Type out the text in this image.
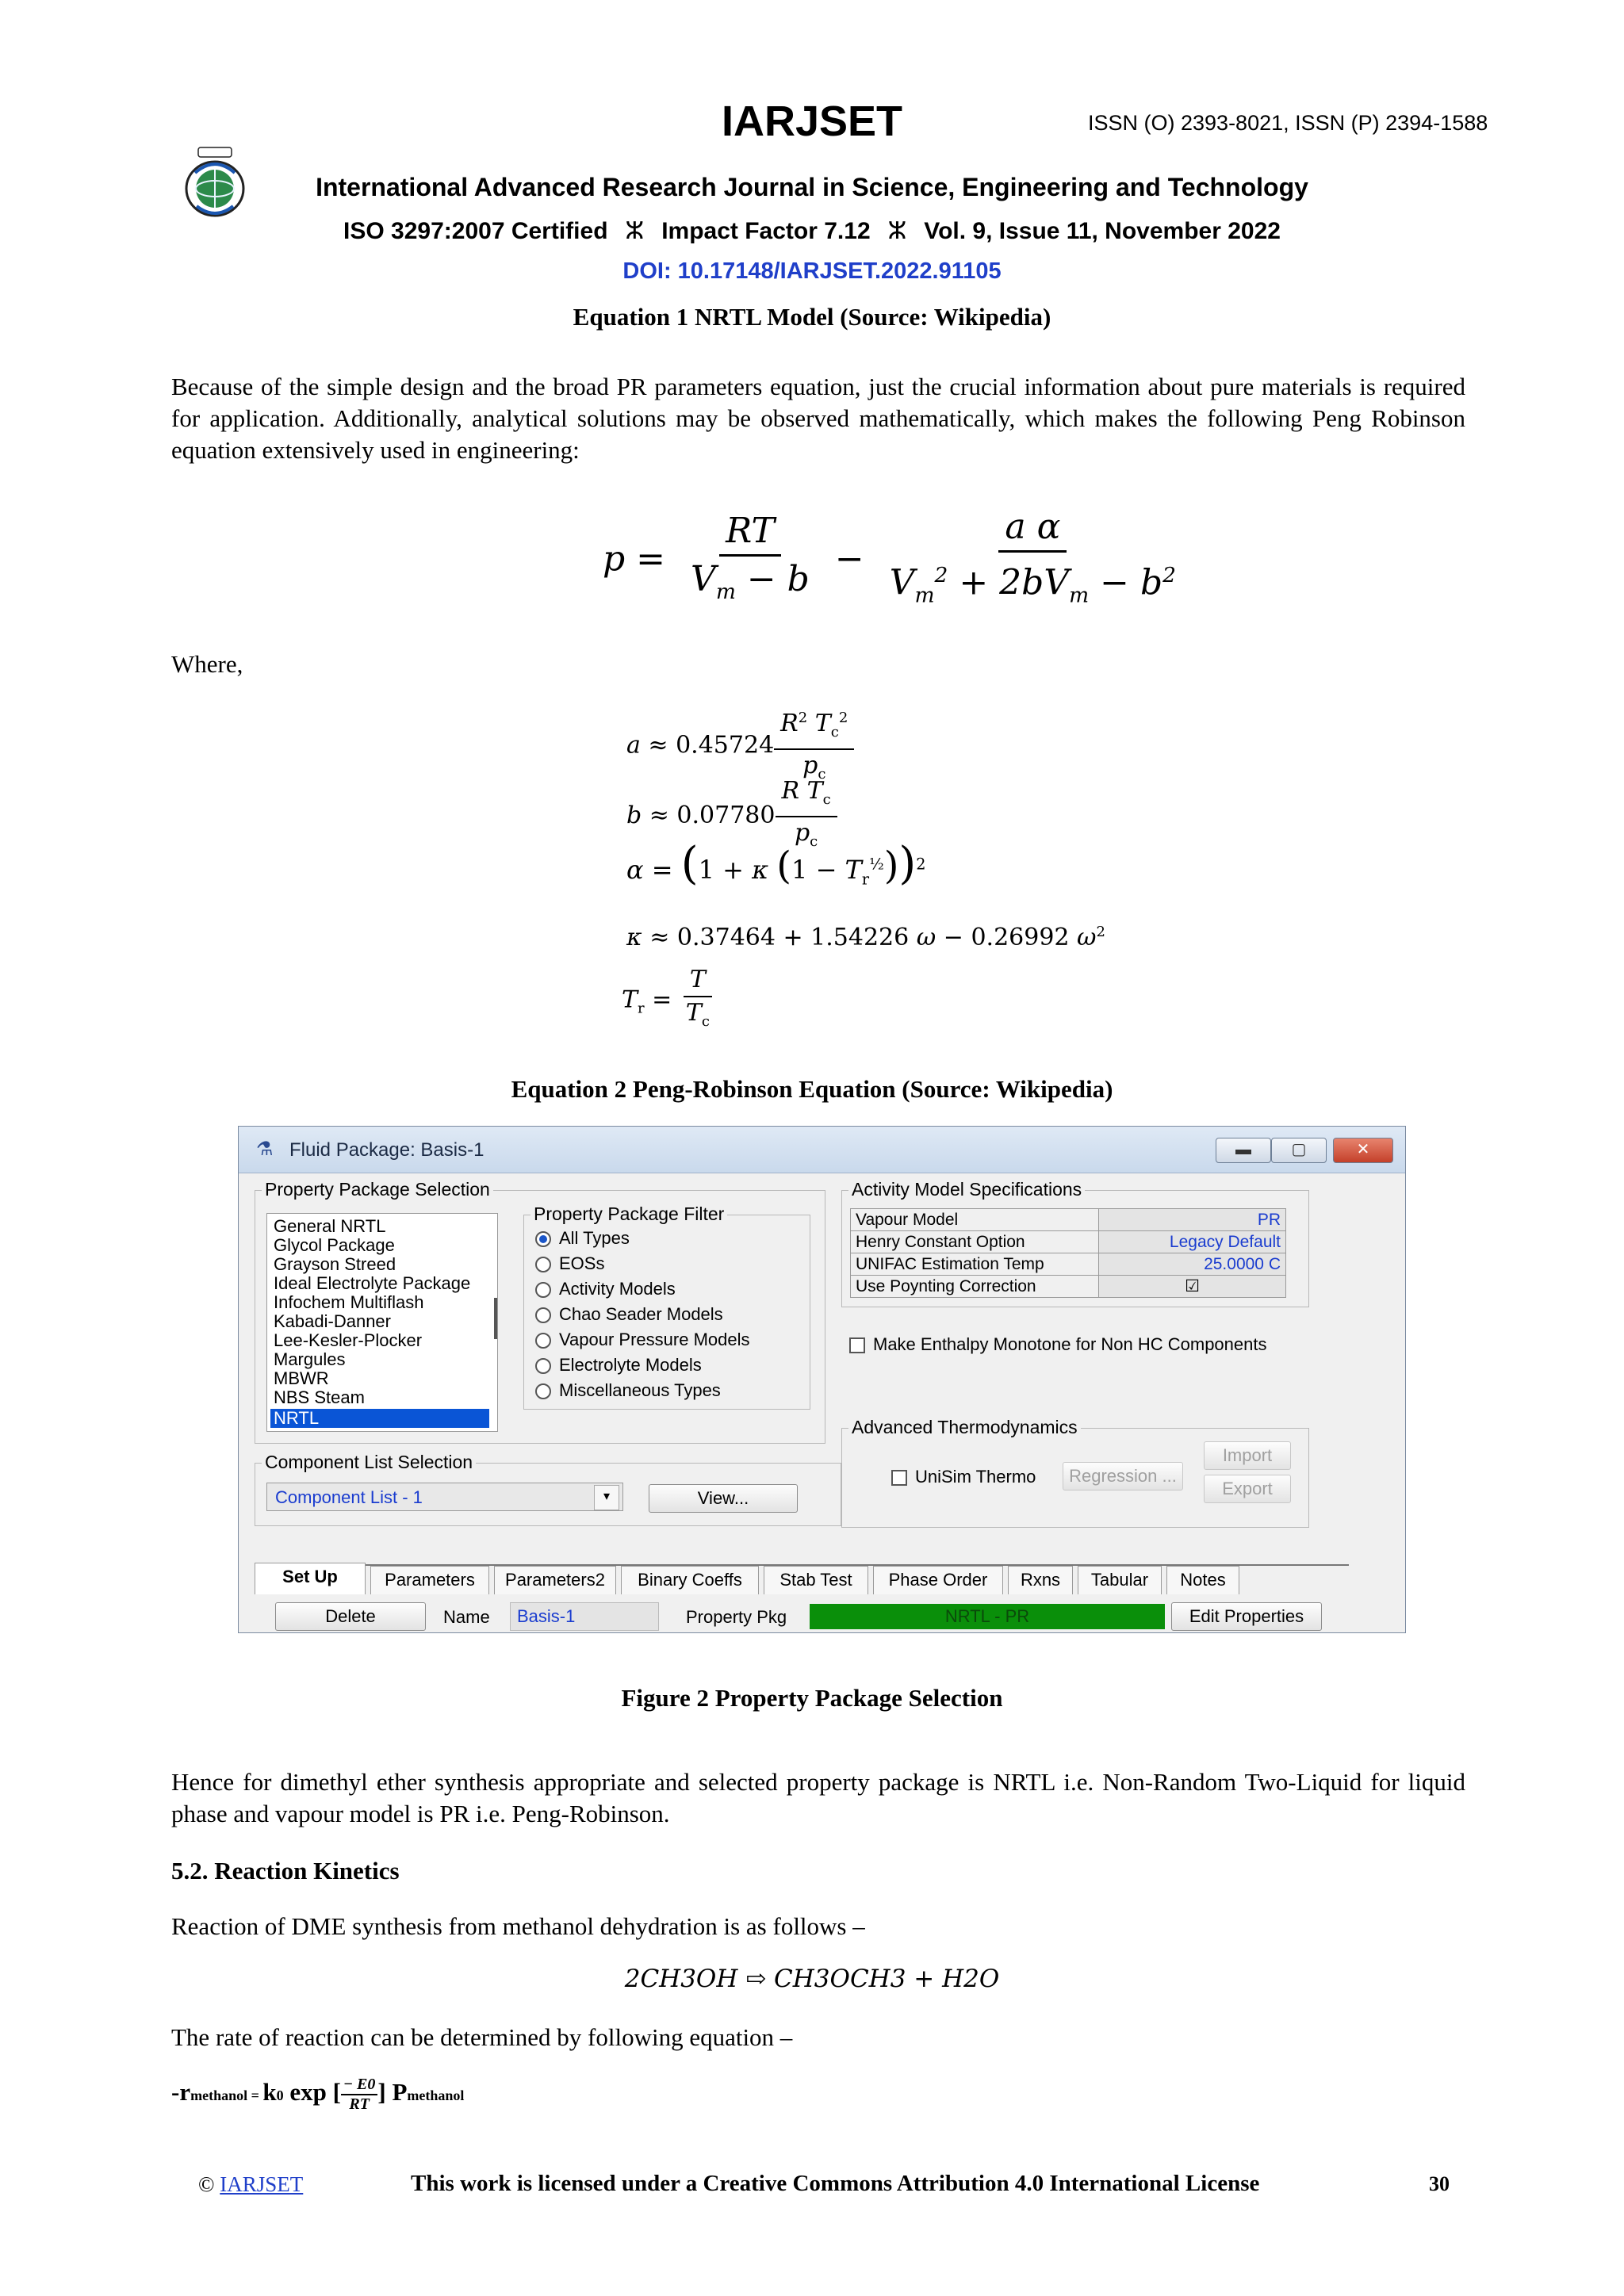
IARJSET	ISSN (O) 2393-8021, ISSN (P) 2394-1588
International Advanced Research Journal in Science, Engineering and Technology
ISO 3297:2007 Certified ⵣ Impact Factor 7.12 ⵣ Vol. 9, Issue 11, November 2022
DOI: 10.17148/IARJSET.2022.91105
Equation 1 NRTL Model (Source: Wikipedia)
Because of the simple design and the broad PR parameters equation, just the crucial information about pure materials is required for application. Additionally, analytical solutions may be observed mathematically, which makes the following Peng Robinson equation extensively used in engineering:
$p = \frac{RT}{V_m - b} - \frac{\text{a α}}{V_m^2 + 2bV_m - b^2}$
Where,
$a \approx 0.45724 \frac{R^2 T_c^2}{p_c}$
$b \approx 0.07780 \frac{R T_c}{p_c}$
α = (1 + κ $(1 - T_r^{\frac{1}{2}}))^2$
κ ≈ 0.37464 + 1.54226 ω − 0.26992 $\omega^2$
$T_r = \frac{T}{T_c}$
Equation 2 Peng-Robinson Equation (Source: Wikipedia)
⚗ Fluid Package: Basis-1	▬	▢	✕
Property Package Selection
General NRTL
Glycol Package
Grayson Streed
Ideal Electrolyte Package
Infochem Multiflash
Kabadi-Danner
Lee-Kesler-Plocker
Margules
MBWR
NBS Steam
NRTL
Property Package Filter
All Types
EOSs
Activity Models
Chao Seader Models
Vapour Pressure Models
Electrolyte Models
Miscellaneous Types
Activity Model Specifications
Vapour Model	PR
Henry Constant Option	Legacy Default
UNIFAC Estimation Temp	25.0000 C
Use Poynting Correction	☑
Make Enthalpy Monotone for Non HC Components
Component List Selection
Component List - 1	▾	View...
Advanced Thermodynamics
UniSim Thermo	Regression ...
Import
Export
Set Up	Parameters	Parameters2	Binary Coeffs	Stab Test	Phase Order	Rxns	Tabular	Notes
Delete	Name Basis-1	Property Pkg	NRTL - PR	Edit Properties
Figure 2 Property Package Selection
Hence for dimethyl ether synthesis appropriate and selected property package is NRTL i.e. Non-Random Two-Liquid for liquid phase and vapour model is PR i.e. Peng-Robinson.
5.2. Reaction Kinetics
Reaction of DME synthesis from methanol dehydration is as follows –
2CH3OH ⇨ CH3OCH3 + H2O
The rate of reaction can be determined by following equation –
-rmethanol = k0 exp [ $\frac{- E0}{RT}$ ] Pmethanol
© IARJSET	This work is licensed under a Creative Commons Attribution 4.0 International License	30
